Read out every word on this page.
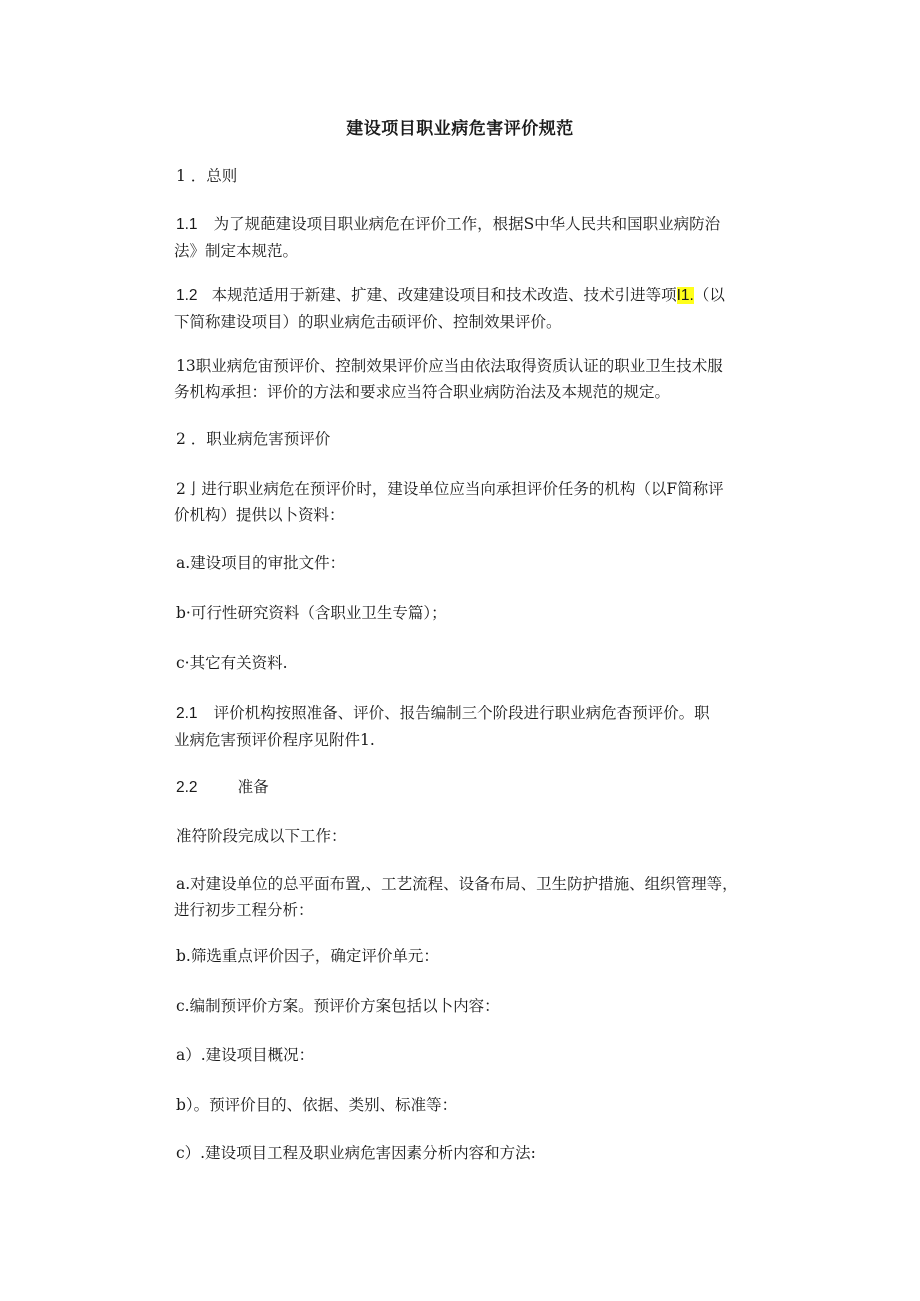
建设项目职业病危害评价规范

1 ．总则

1.1 为了规葩建设项目职业病危在评价工作，根据S中华人民共和国职业病防治
法》制定本规范。

1.2 本规范适用于新建、扩建、改建建设项目和技术改造、技术引进等项I1.（以
下简称建设项目）的职业病危击硕评价、控制效果评价。

13职业病危宙预评价、控制效果评价应当由依法取得资质认证的职业卫生技术服
务机构承担：评价的方法和要求应当符合职业病防治法及本规范的规定。

2 ．职业病危害预评价

2亅进行职业病危在预评价时，建设单位应当向承担评价任务的机构（以F简称评
价机构）提供以卜资料：

a.建设项目的审批文件：

b·可行性研究资料（含职业卫生专篇）；

c·其它有关资料.

2.1 评价机构按照准备、评价、报告编制三个阶段进行职业病危杳预评价。职
业病危害预评价程序见附件1.

2.2	准备

准符阶段完成以下工作：

a.对建设单位的总平面布置,、工艺流程、设备布局、卫生防护措施、组织管理等，
进行初步工程分析：

b.筛选重点评价因子，确定评价单元：

c.编制预评价方案。预评价方案包括以卜内容：

a）.建设项目概况：

b）。预评价目的、依据、类别、标准等：

c）.建设项目工程及职业病危害因素分析内容和方法:
